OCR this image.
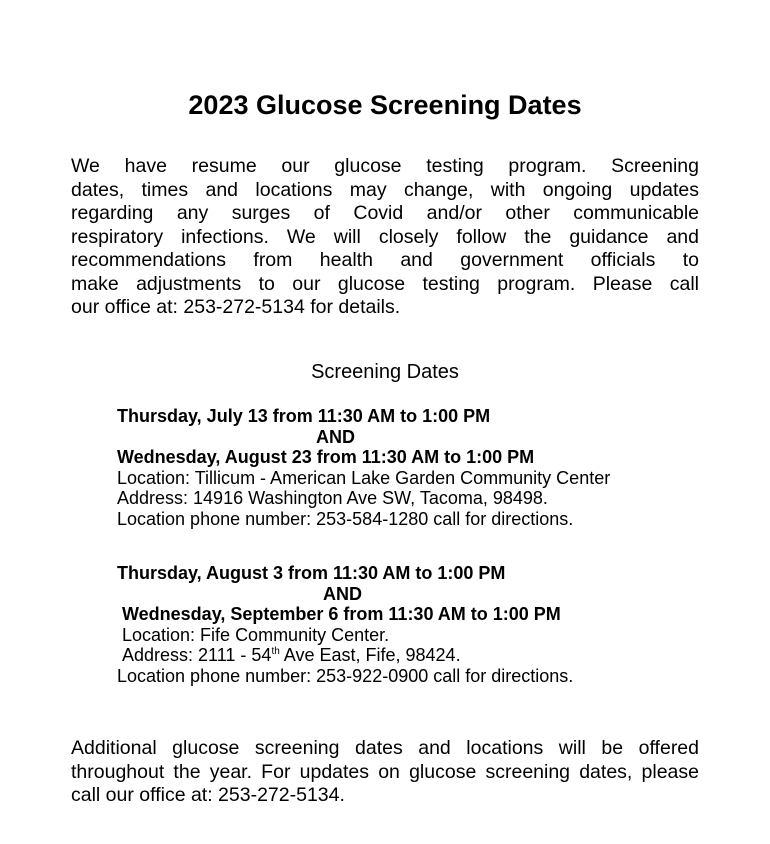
2023 Glucose Screening Dates
We have resume our glucose testing program. Screening
dates, times and locations may change, with ongoing updates
regarding any surges of Covid and/or other communicable
respiratory infections. We will closely follow the guidance and
recommendations from health and government officials to
make adjustments to our glucose testing program. Please call
our office at: 253-272-5134 for details.
Screening Dates
Thursday, July 13 from 11:30 AM to 1:00 PM
AND
Wednesday, August 23 from 11:30 AM to 1:00 PM
Location: Tillicum - American Lake Garden Community Center
Address: 14916 Washington Ave SW, Tacoma, 98498.
Location phone number: 253-584-1280 call for directions.
Thursday, August 3 from 11:30 AM to 1:00 PM
AND
Wednesday, September 6 from 11:30 AM to 1:00 PM
Location: Fife Community Center.
Address: 2111 - 54th Ave East, Fife, 98424.
Location phone number: 253-922-0900 call for directions.
Additional glucose screening dates and locations will be offered
throughout the year. For updates on glucose screening dates, please
call our office at: 253-272-5134.
